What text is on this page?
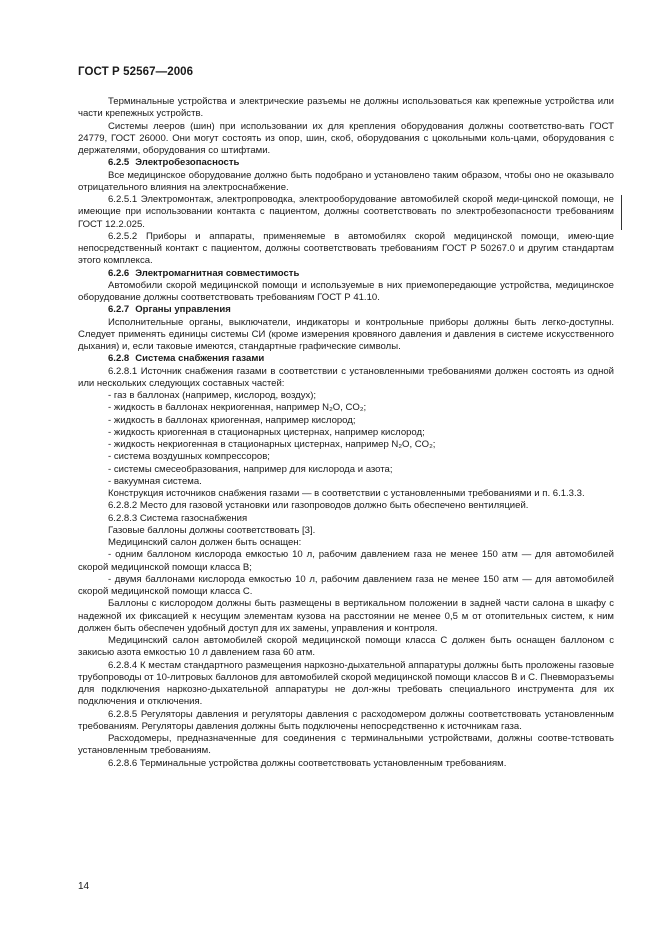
ГОСТ Р 52567—2006

Терминальные устройства и электрические разъемы не должны использоваться как крепежные устройства или части крепежных устройств.

Системы лееров (шин) при использовании их для крепления оборудования должны соответство-вать ГОСТ 24779, ГОСТ 26000. Они могут состоять из опор, шин, скоб, оборудования с цокольными коль-цами, оборудования с держателями, оборудования со штифтами.

6.2.5 Электробезопасность

Все медицинское оборудование должно быть подобрано и установлено таким образом, чтобы оно не оказывало отрицательного влияния на электроснабжение.

6.2.5.1 Электромонтаж, электропроводка, электрооборудование автомобилей скорой меди-цинской помощи, не имеющие при использовании контакта с пациентом, должны соответствовать по электробезопасности требованиям ГОСТ 12.2.025.

6.2.5.2 Приборы и аппараты, применяемые в автомобилях скорой медицинской помощи, имею-щие непосредственный контакт с пациентом, должны соответствовать требованиям ГОСТ Р 50267.0 и другим стандартам этого комплекса.

6.2.6 Электромагнитная совместимость

Автомобили скорой медицинской помощи и используемые в них приемопередающие устройства, медицинское оборудование должны соответствовать требованиям ГОСТ Р 41.10.

6.2.7 Органы управления

Исполнительные органы, выключатели, индикаторы и контрольные приборы должны быть легко-доступны. Следует применять единицы системы СИ (кроме измерения кровяного давления и давления в системе искусственного дыхания) и, если таковые имеются, стандартные графические символы.

6.2.8 Система снабжения газами

6.2.8.1 Источник снабжения газами в соответствии с установленными требованиями должен состоять из одной или нескольких следующих составных частей:

- газ в баллонах (например, кислород, воздух);

- жидкость в баллонах некриогенная, например N₂O, CO₂;

- жидкость в баллонах криогенная, например кислород;

- жидкость криогенная в стационарных цистернах, например кислород;

- жидкость некриогенная в стационарных цистернах, например N₂O, CO₂;

- система воздушных компрессоров;

- системы смесеобразования, например для кислорода и азота;

- вакуумная система.

Конструкция источников снабжения газами — в соответствии с установленными требованиями и п. 6.1.3.3.

6.2.8.2 Место для газовой установки или газопроводов должно быть обеспечено вентиляцией.

6.2.8.3 Система газоснабжения

Газовые баллоны должны соответствовать [3].

Медицинский салон должен быть оснащен:

- одним баллоном кислорода емкостью 10 л, рабочим давлением газа не менее 150 атм — для автомобилей скорой медицинской помощи класса В;

- двумя баллонами кислорода емкостью 10 л, рабочим давлением газа не менее 150 атм — для автомобилей скорой медицинской помощи класса С.

Баллоны с кислородом должны быть размещены в вертикальном положении в задней части салона в шкафу с надежной их фиксацией к несущим элементам кузова на расстоянии не менее 0,5 м от отопительных систем, к ним должен быть обеспечен удобный доступ для их замены, управления и контроля.

Медицинский салон автомобилей скорой медицинской помощи класса С должен быть оснащен баллоном с закисью азота емкостью 10 л давлением газа 60 атм.

6.2.8.4 К местам стандартного размещения наркозно-дыхательной аппаратуры должны быть проложены газовые трубопроводы от 10-литровых баллонов для автомобилей скорой медицинской помощи классов В и С. Пневморазъемы для подключения наркозно-дыхательной аппаратуры не дол-жны требовать специального инструмента для их подключения и отключения.

6.2.8.5 Регуляторы давления и регуляторы давления с расходомером должны соответствовать установленным требованиям. Регуляторы давления должны быть подключены непосредственно к источникам газа.

Расходомеры, предназначенные для соединения с терминальными устройствами, должны соотве-тствовать установленным требованиям.

6.2.8.6 Терминальные устройства должны соответствовать установленным требованиям.

14
